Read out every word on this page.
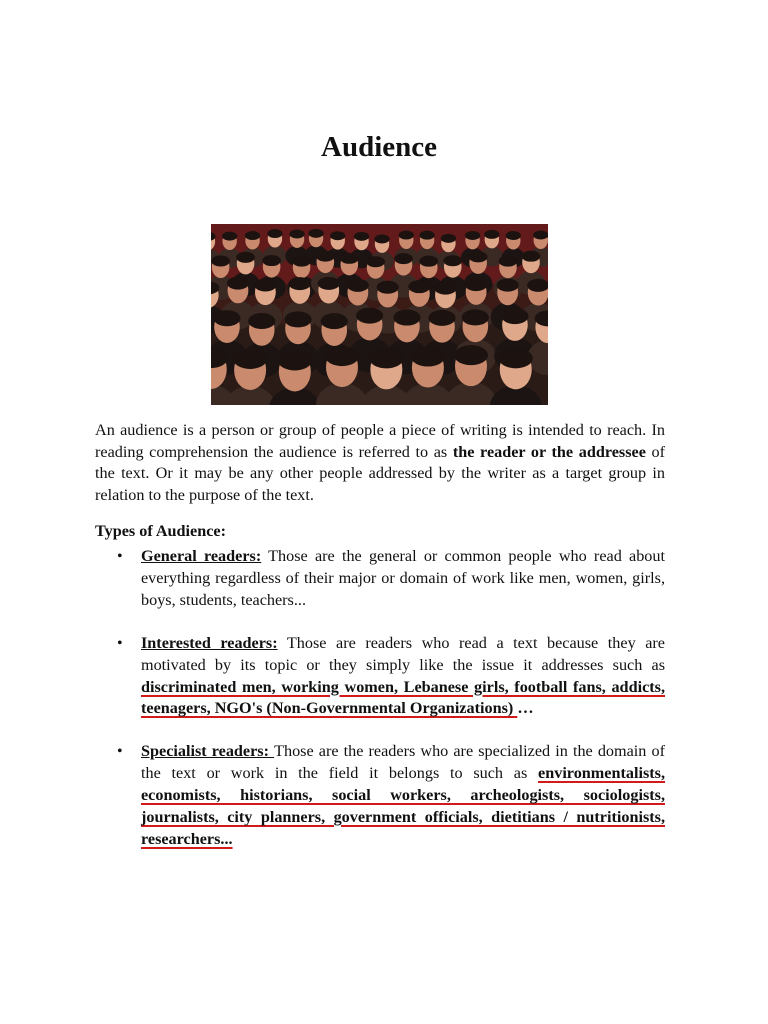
Audience

An audience is a person or group of people a piece of writing is intended to reach. In reading comprehension the audience is referred to as the reader or the addressee of the text. Or it may be any other people addressed by the writer as a target group in relation to the purpose of the text.

Types of Audience:

• General readers: Those are the general or common people who read about everything regardless of their major or domain of work like men, women, girls, boys, students, teachers...
• Interested readers: Those are readers who read a text because they are motivated by its topic or they simply like the issue it addresses such as discriminated men, working women, Lebanese girls, football fans, addicts, teenagers, NGO's (Non-Governmental Organizations) …
• Specialist readers: Those are the readers who are specialized in the domain of the text or work in the field it belongs to such as environmentalists, economists, historians, social workers, archeologists, sociologists, journalists, city planners, government officials, dietitians / nutritionists, researchers...
